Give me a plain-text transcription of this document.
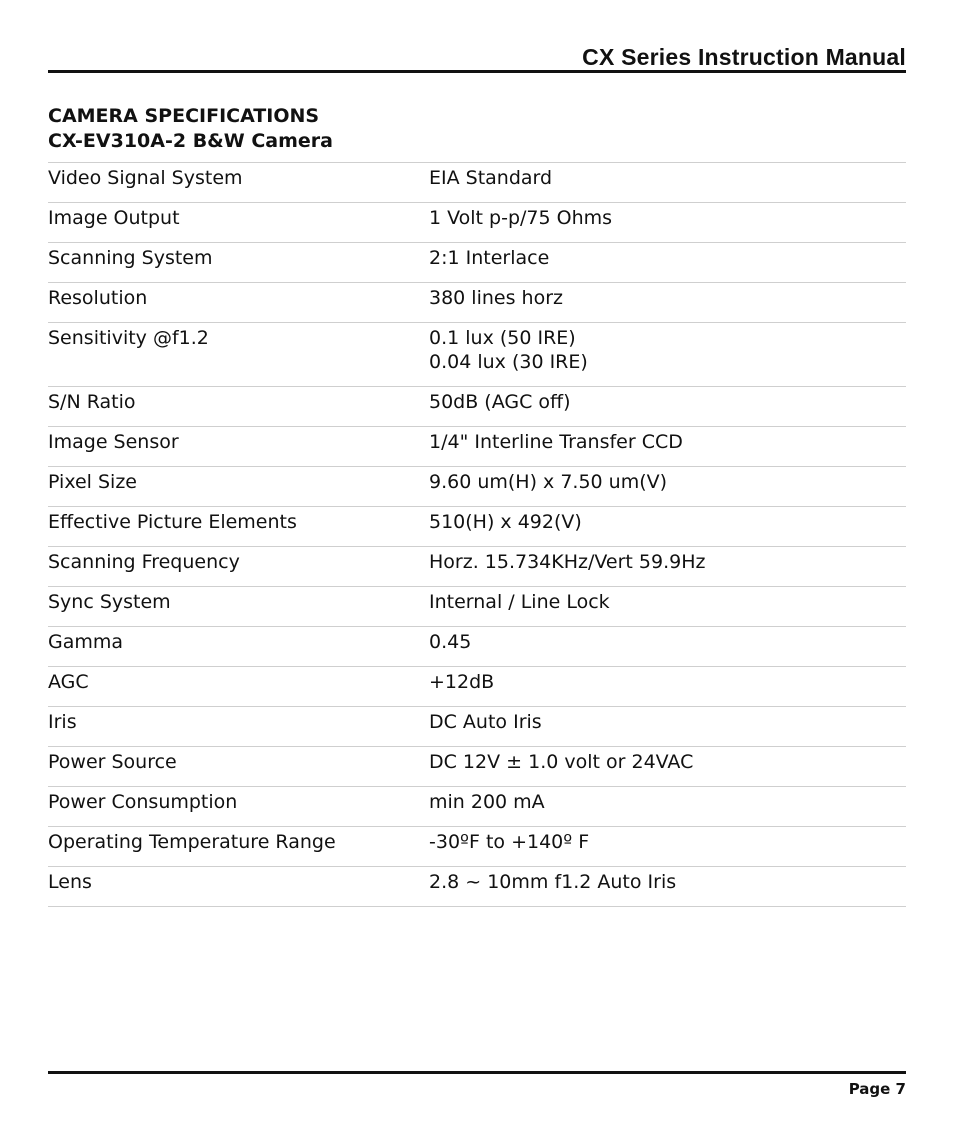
CX Series Instruction Manual
CAMERA SPECIFICATIONS
CX-EV310A-2 B&W Camera
Video Signal System	EIA Standard

Image Output	1 Volt p-p/75 Ohms

Scanning System	2:1 Interlace

Resolution	380 lines horz

Sensitivity @f1.2	0.1 lux (50 IRE)
0.04 lux (30 IRE)

S/N Ratio	50dB (AGC off)

Image Sensor	1/4" Interline Transfer CCD

Pixel Size	9.60 um(H) x 7.50 um(V)

Effective Picture Elements	510(H) x 492(V)

Scanning Frequency	Horz. 15.734KHz/Vert 59.9Hz

Sync System	Internal / Line Lock

Gamma	0.45

AGC	+12dB

Iris	DC Auto Iris

Power Source	DC 12V ± 1.0 volt or 24VAC

Power Consumption	min 200 mA

Operating Temperature Range	-30ºF to +140º F

Lens	2.8 ~ 10mm f1.2 Auto Iris
Page 7
